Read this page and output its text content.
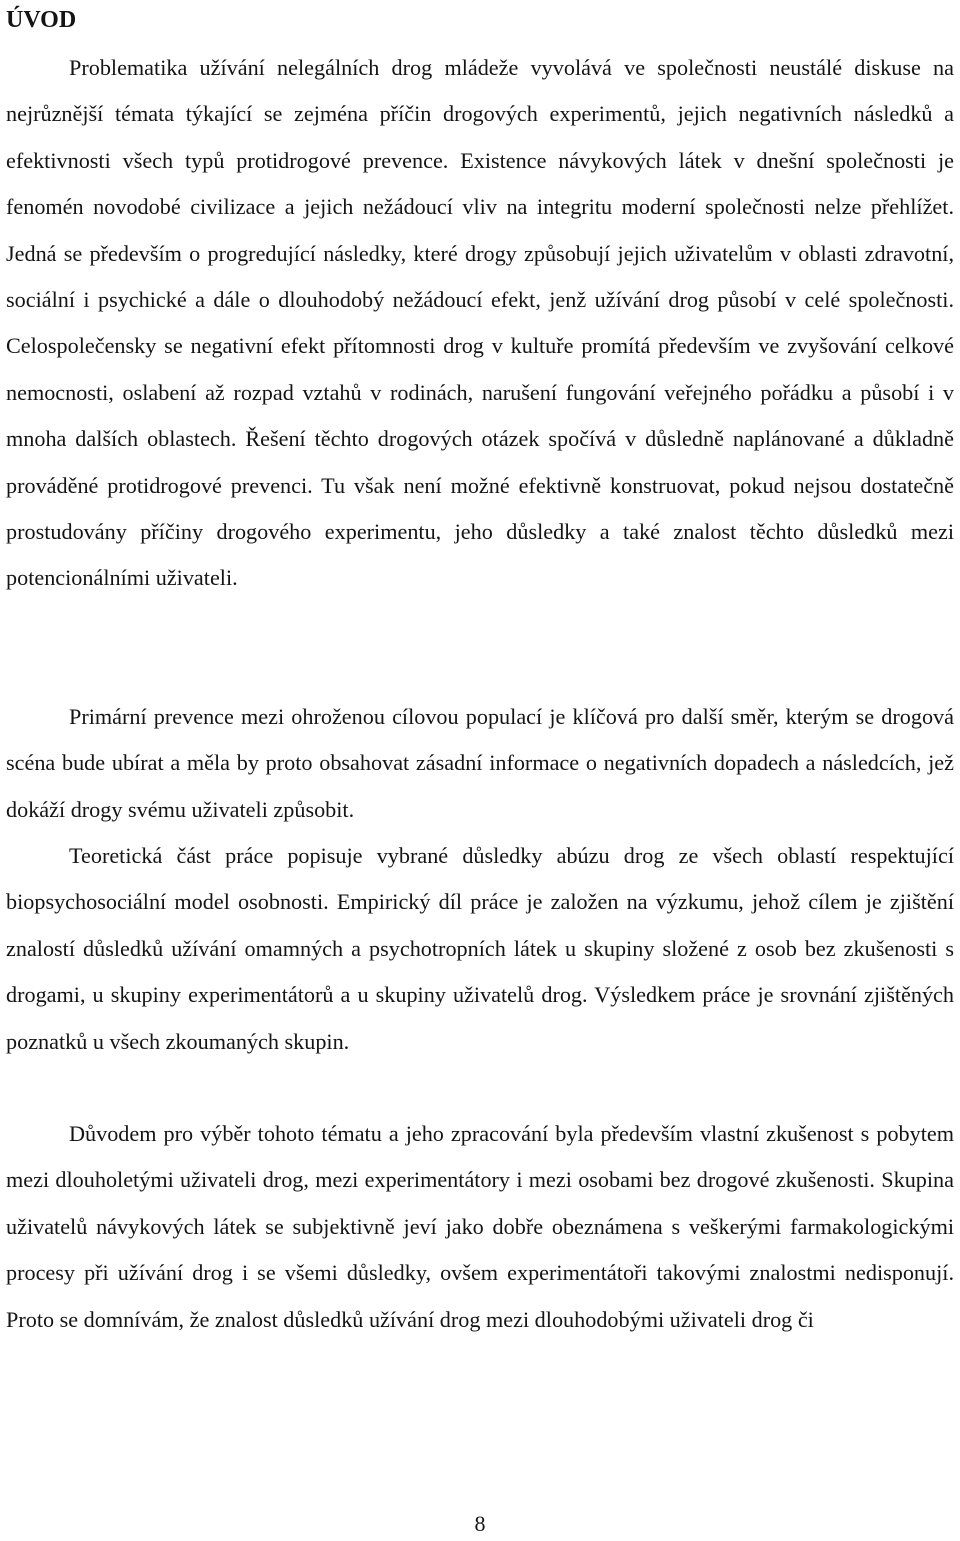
ÚVOD

Problematika užívání nelegálních drog mládeže vyvolává ve společnosti neustálé diskuse na nejrůznější témata týkající se zejména příčin drogových experimentů, jejich negativních následků a efektivnosti všech typů protidrogové prevence. Existence návykových látek v dnešní společnosti je fenomén novodobé civilizace a jejich nežádoucí vliv na integritu moderní společnosti nelze přehlížet. Jedná se především o progredující následky, které drogy způsobují jejich uživatelům v oblasti zdravotní, sociální i psychické a dále o dlouhodobý nežádoucí efekt, jenž užívání drog působí v celé společnosti. Celospolečensky se negativní efekt přítomnosti drog v kultuře promítá především ve zvyšování celkové nemocnosti, oslabení až rozpad vztahů v rodinách, narušení fungování veřejného pořádku a působí i v mnoha dalších oblastech. Řešení těchto drogových otázek spočívá v důsledně naplánované a důkladně prováděné protidrogové prevenci. Tu však není možné efektivně konstruovat, pokud nejsou dostatečně prostudovány příčiny drogového experimentu, jeho důsledky a také znalost těchto důsledků mezi potencionálními uživateli.

Primární prevence mezi ohroženou cílovou populací je klíčová pro další směr, kterým se drogová scéna bude ubírat a měla by proto obsahovat zásadní informace o negativních dopadech a následcích, jež dokáží drogy svému uživateli způsobit.

Teoretická část práce popisuje vybrané důsledky abúzu drog ze všech oblastí respektující biopsychosociální model osobnosti. Empirický díl práce je založen na výzkumu, jehož cílem je zjištění znalostí důsledků užívání omamných a psychotropních látek u skupiny složené z osob bez zkušenosti s drogami, u skupiny experimentátorů a u skupiny uživatelů drog. Výsledkem práce je srovnání zjištěných poznatků u všech zkoumaných skupin.

Důvodem pro výběr tohoto tématu a jeho zpracování byla především vlastní zkušenost s pobytem mezi dlouholetými uživateli drog, mezi experimentátory i mezi osobami bez drogové zkušenosti. Skupina uživatelů návykových látek se subjektivně jeví jako dobře obeznámena s veškerými farmakologickými procesy při užívání drog i se všemi důsledky, ovšem experimentátoři takovými znalostmi nedisponují. Proto se domnívám, že znalost důsledků užívání drog mezi dlouhodobými uživateli drog či

8
